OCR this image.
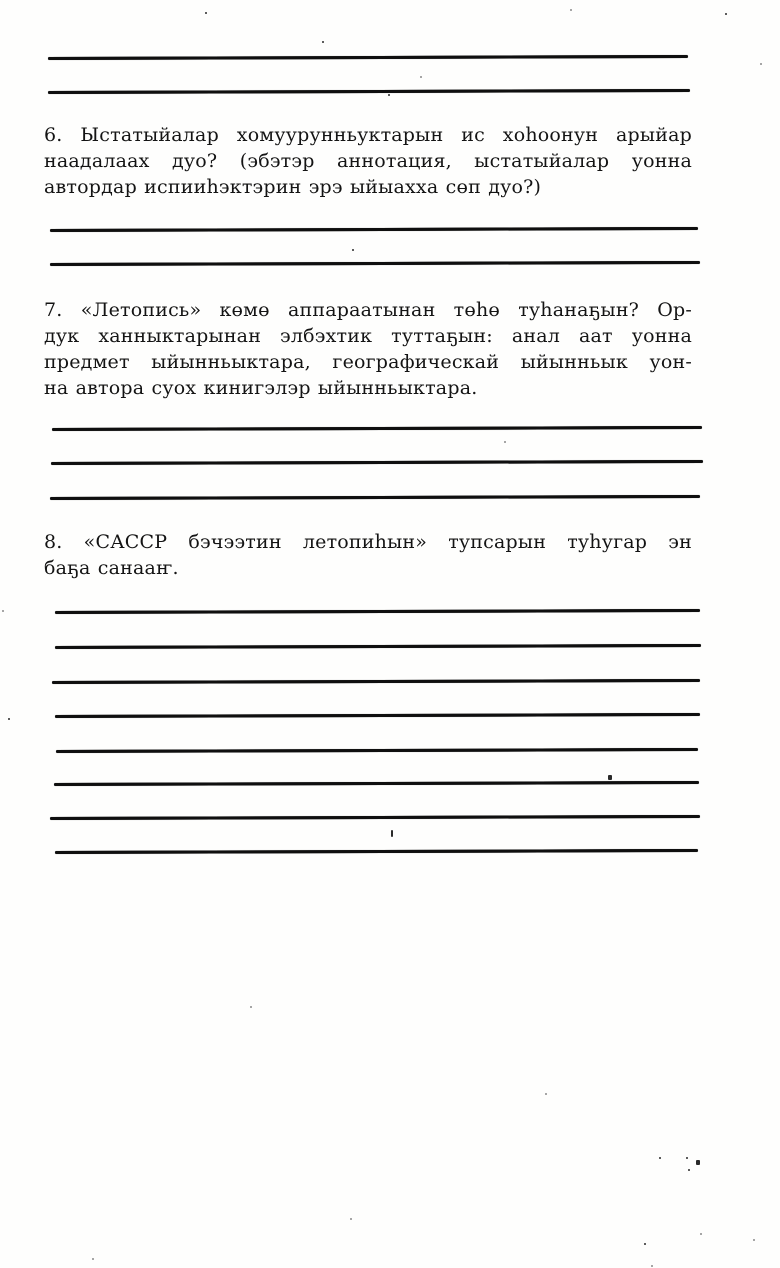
6. Ыстатыйалар хомуурунньуктарын ис хоһоонун арыйар
наадалаах дуо? (эбэтэр аннотация, ыстатыйалар уонна
автордар испииһэктэрин эрэ ыйыахха сөп дуо?)
7. «Летопись» көмө аппараатынан төһө туһанаҕын? Ор-
дук ханныктарынан элбэхтик туттаҕын: анал аат уонна
предмет ыйынньыктара, географическай ыйынньык уон-
на автора суох кинигэлэр ыйынньыктара.
8. «САССР бэчээтин летопиһын» тупсарын туһугар эн
баҕа санааҥ.
